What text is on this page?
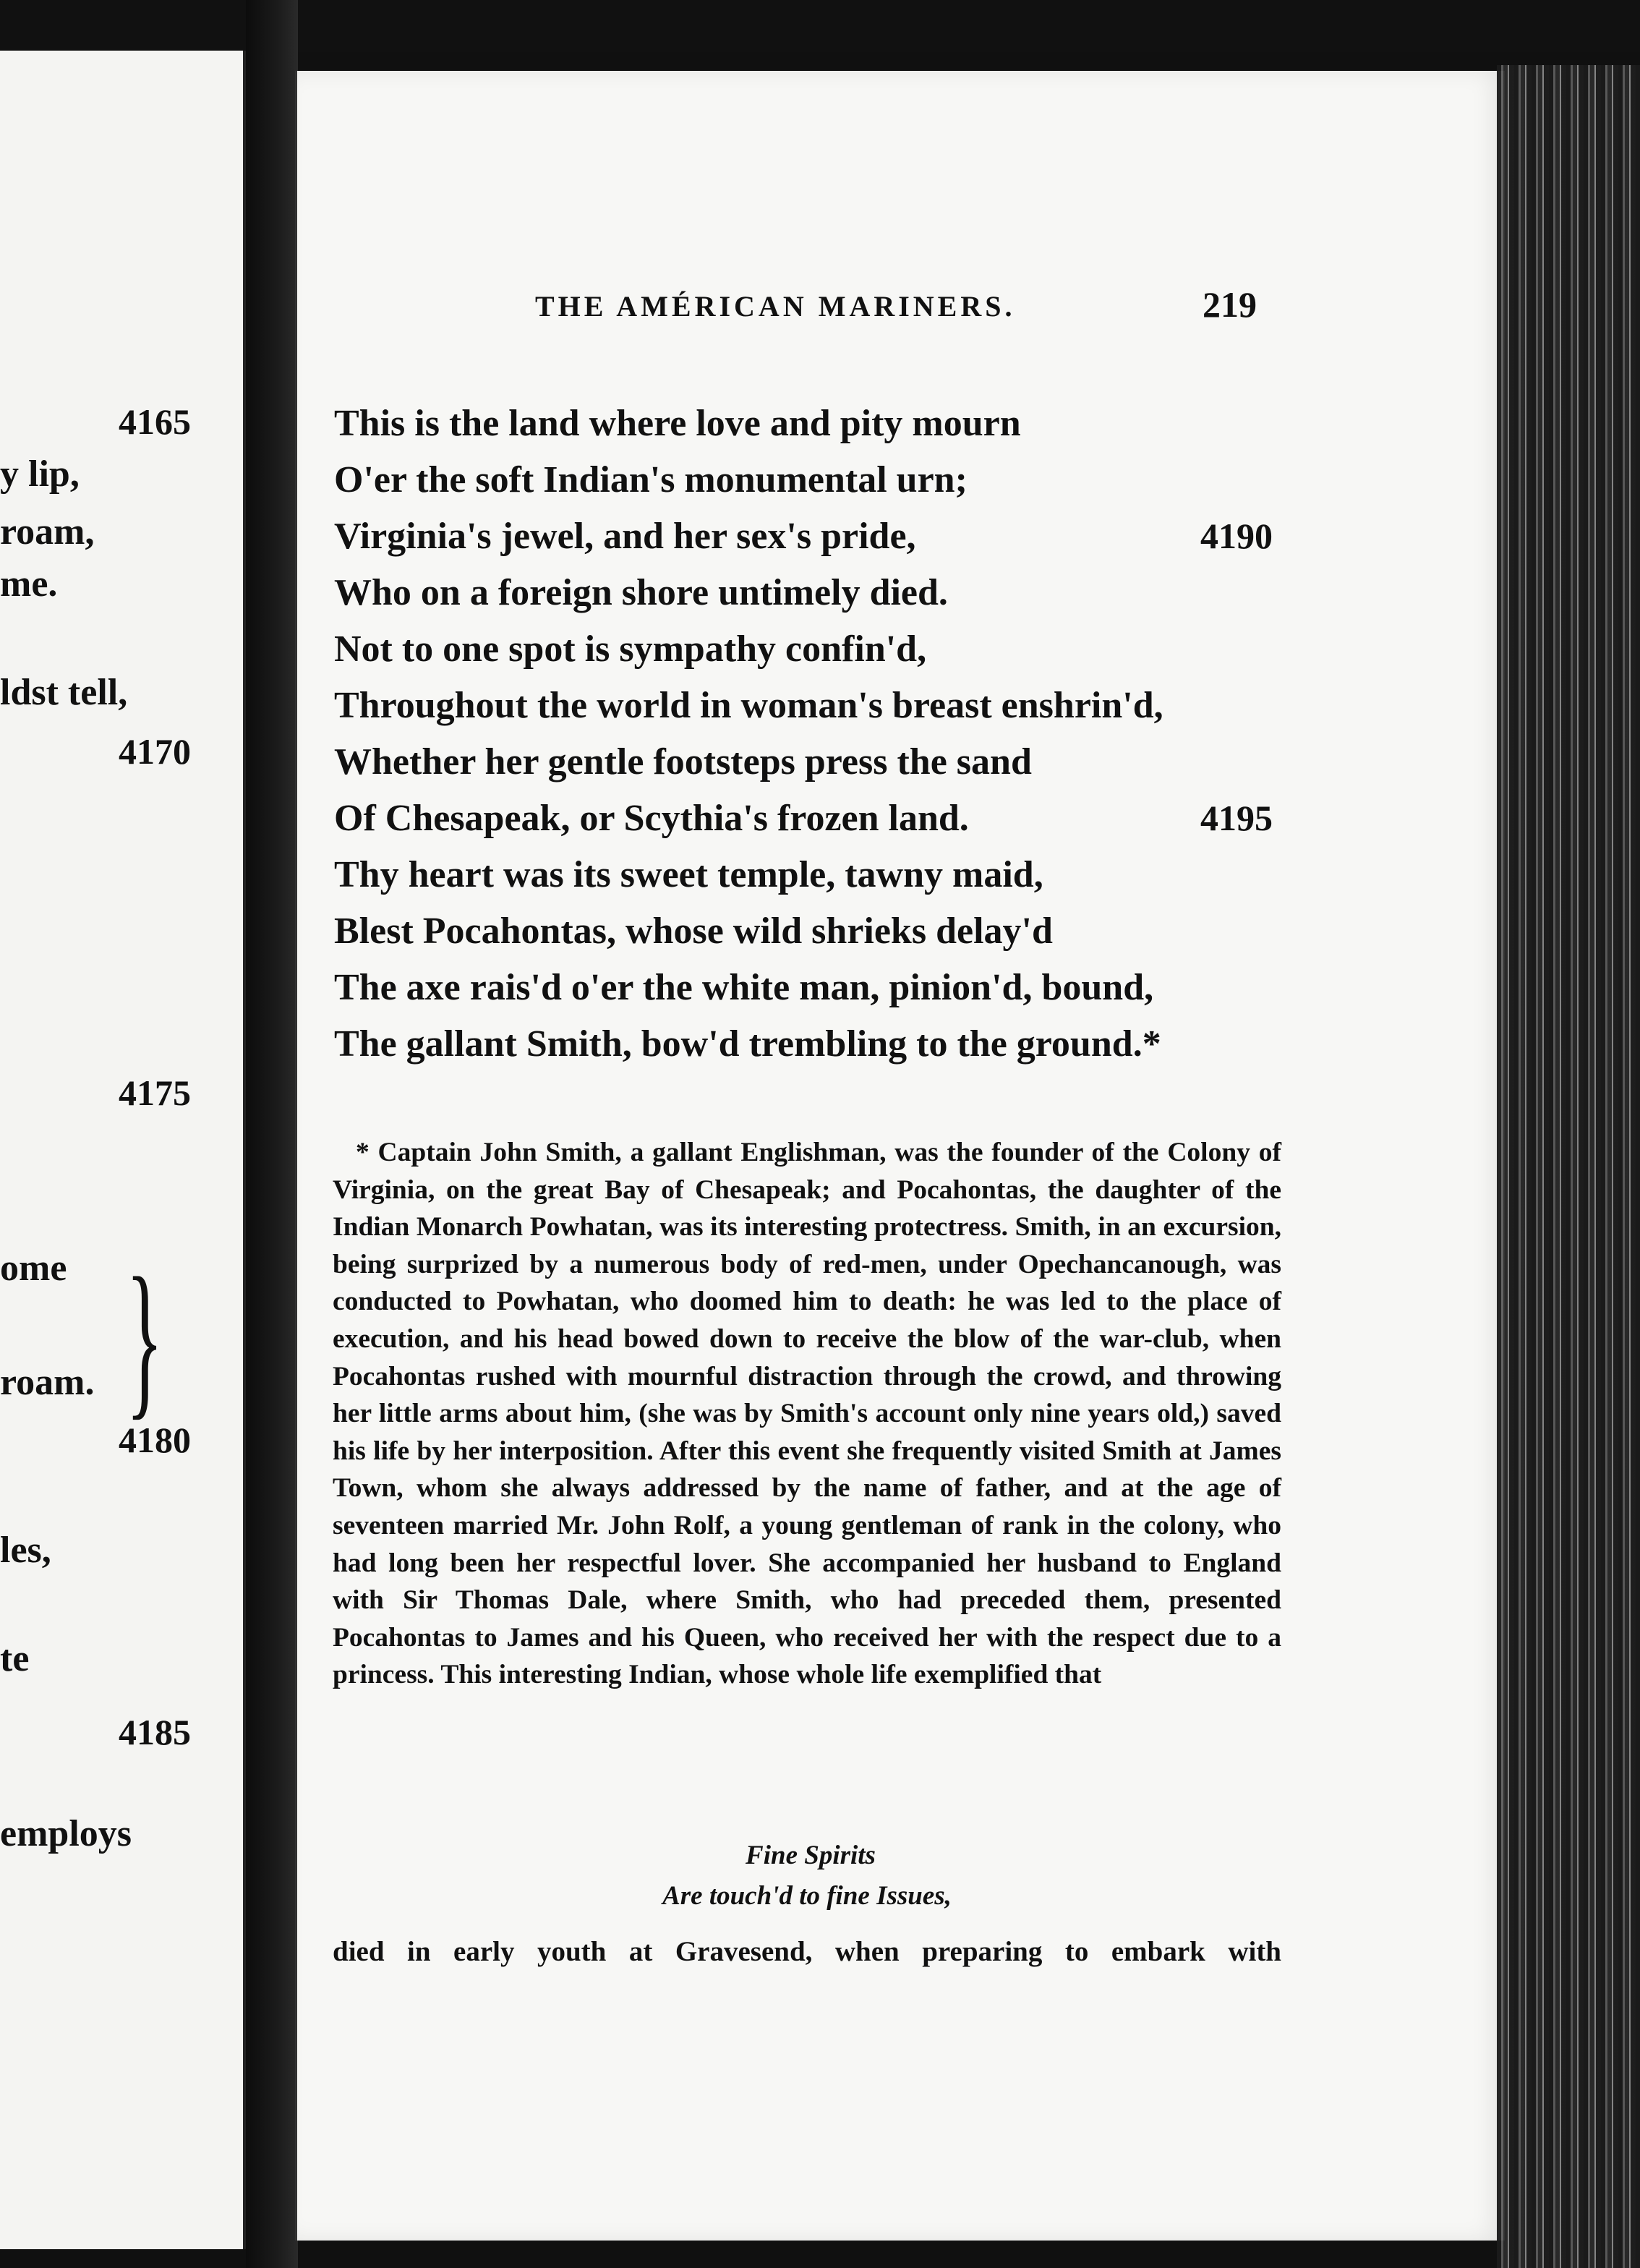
4165
y lip,
roam,
me.
ldst tell,
4170
4175
ome
roam.
4180
les,
te
4185
employs
}
THE AMÉRICAN MARINERS.	219
This is the land where love and pity mourn
O'er the soft Indian's monumental urn;
Virginia's jewel, and her sex's pride,	4190
Who on a foreign shore untimely died.
Not to one spot is sympathy confin'd,
Throughout the world in woman's breast enshrin'd,
Whether her gentle footsteps press the sand
Of Chesapeak, or Scythia's frozen land.	4195
Thy heart was its sweet temple, tawny maid,
Blest Pocahontas, whose wild shrieks delay'd
The axe rais'd o'er the white man, pinion'd, bound,
The gallant Smith, bow'd trembling to the ground.*
* Captain John Smith, a gallant Englishman, was the founder of the Colony of Virginia, on the great Bay of Chesapeak; and Pocahontas, the daughter of the Indian Monarch Powhatan, was its interesting protectress. Smith, in an excursion, being surprized by a numerous body of red-men, under Opechancanough, was conducted to Powhatan, who doomed him to death: he was led to the place of execution, and his head bowed down to receive the blow of the war-club, when Pocahontas rushed with mournful distraction through the crowd, and throwing her little arms about him, (she was by Smith's account only nine years old,) saved his life by her interposition. After this event she frequently visited Smith at James Town, whom she always addressed by the name of father, and at the age of seventeen married Mr. John Rolf, a young gentleman of rank in the colony, who had long been her respectful lover. She accompanied her husband to England with Sir Thomas Dale, where Smith, who had preceded them, presented Pocahontas to James and his Queen, who received her with the respect due to a princess. This interesting Indian, whose whole life exemplified that
Fine Spirits
Are touch'd to fine Issues,
died in early youth at Gravesend, when preparing to embark with
